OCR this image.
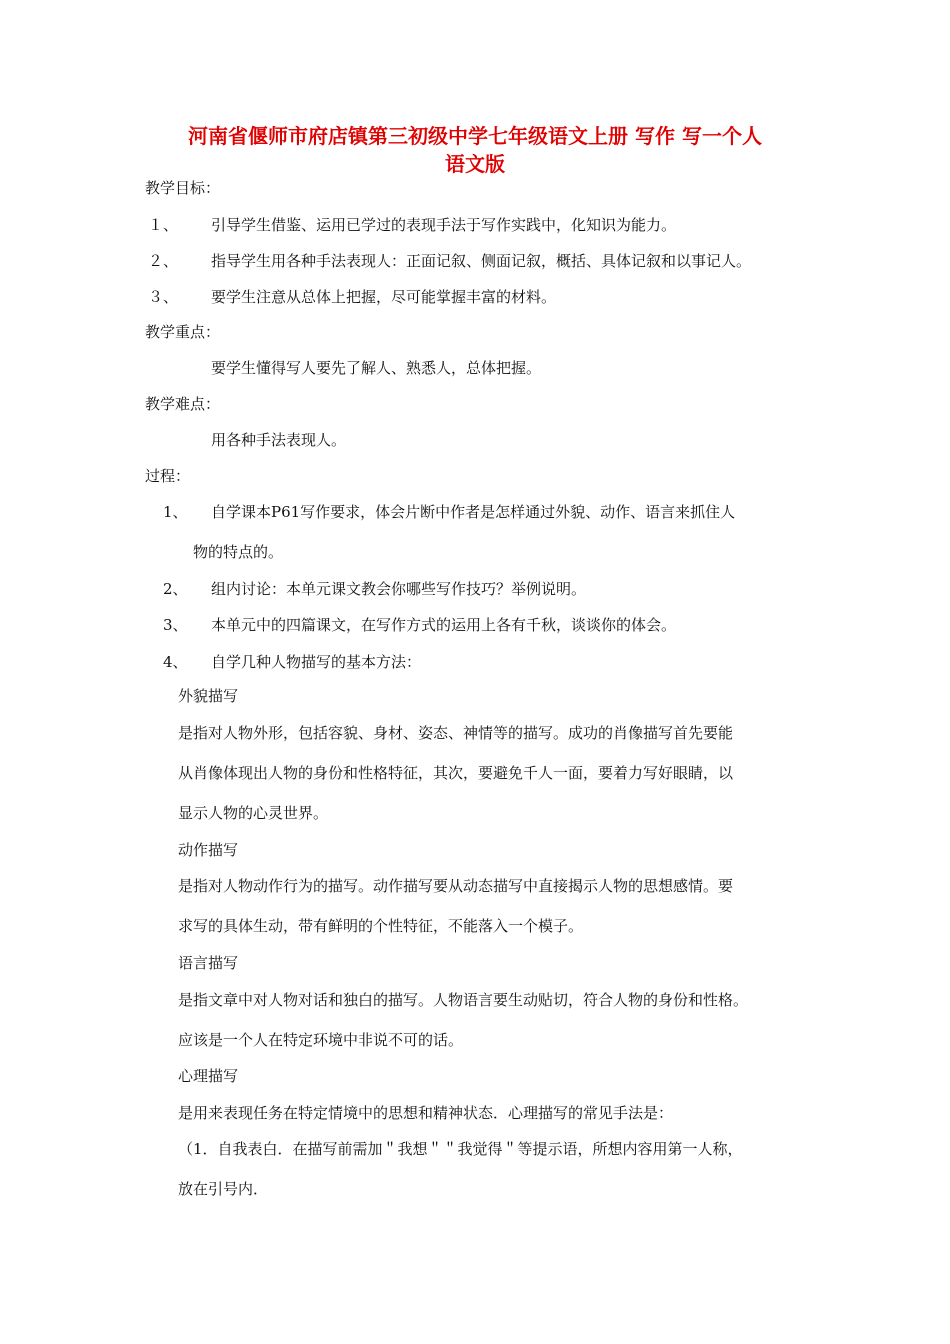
河南省偃师市府店镇第三初级中学七年级语文上册 写作 写一个人
语文版
教学目标：
１、 引导学生借鉴、运用已学过的表现手法于写作实践中，化知识为能力。
２、 指导学生用各种手法表现人：正面记叙、侧面记叙，概括、具体记叙和以事记人。
３、 要学生注意从总体上把握，尽可能掌握丰富的材料。
教学重点：
要学生懂得写人要先了解人、熟悉人，总体把握。
教学难点：
用各种手法表现人。
过程：
1、 自学课本P61写作要求，体会片断中作者是怎样通过外貌、动作、语言来抓住人
物的特点的。
2、 组内讨论：本单元课文教会你哪些写作技巧？举例说明。
3、 本单元中的四篇课文，在写作方式的运用上各有千秋，谈谈你的体会。
4、 自学几种人物描写的基本方法：
外貌描写
是指对人物外形，包括容貌、身材、姿态、神情等的描写。成功的肖像描写首先要能
从肖像体现出人物的身份和性格特征，其次，要避免千人一面，要着力写好眼睛，以
显示人物的心灵世界。
动作描写
是指对人物动作行为的描写。动作描写要从动态描写中直接揭示人物的思想感情。要
求写的具体生动，带有鲜明的个性特征，不能落入一个模子。
语言描写
是指文章中对人物对话和独白的描写。人物语言要生动贴切，符合人物的身份和性格。
应该是一个人在特定环境中非说不可的话。
心理描写
是用来表现任务在特定情境中的思想和精神状态．心理描写的常见手法是：
（1．自我表白．在描写前需加＂我想＂＂我觉得＂等提示语，所想内容用第一人称，
放在引号内．
